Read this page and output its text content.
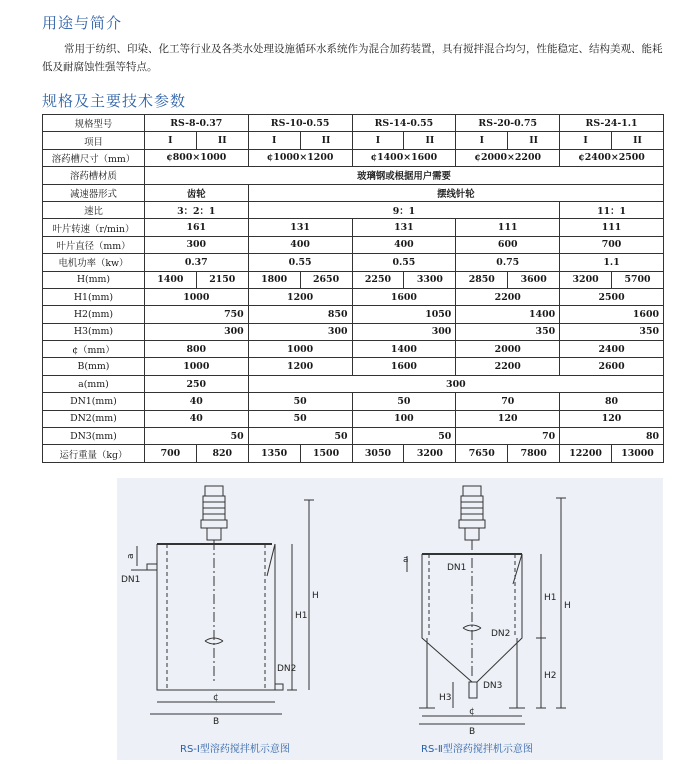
用途与简介
常用于纺织、印染、化工等行业及各类水处理设施循环水系统作为混合加药装置，具有搅拌混合均匀，性能稳定、结构美观、能耗低及耐腐蚀性强等特点。
规格及主要技术参数
规格型号	RS-8-0.37		RS-10-0.55		RS-14-0.55		RS-20-0.75		RS-24-1.1	
项目	I	II	I	II	I	II	I	II	I	II
溶药槽尺寸（mm）	¢800×1000		¢1000×1200		¢1400×1600		¢2000×2200		¢2400×2500	
溶药槽材质	玻璃钢或根据用户需要									
减速器形式	齿轮		摆线针轮							
速比	3：2：1		9：1						11：1	
叶片转速（r/min）	161		131		131		111		111	
叶片直径（mm）	300		400		400		600		700	
电机功率（kw）	0.37		0.55		0.55		0.75		1.1	
H(mm)	1400	2150	1800	2650	2250	3300	2850	3600	3200	5700
H1(mm)	1000		1200		1600		2200		2500	
H2(mm)	750		850		1050		1400		1600	
H3(mm)	300		300		300		350		350	
¢（mm）	800		1000		1400		2000		2400	
B(mm)	1000		1200		1600		2200		2600	
a(mm)	250		300							
DN1(mm)	40		50		50		70		80	
DN2(mm)	40		50		100		120		120	
DN3(mm)	50		50		50		70		80	
运行重量（kg）	700	820	1350	1500	3050	3200	7650	7800	12200	13000
a
DN1
DN2
H1
H
¢
B
a
DN1
DN2
DN3
H1
H2
H
H3
¢
B
RS-Ⅰ型溶药搅拌机示意图	RS-Ⅱ型溶药搅拌机示意图
